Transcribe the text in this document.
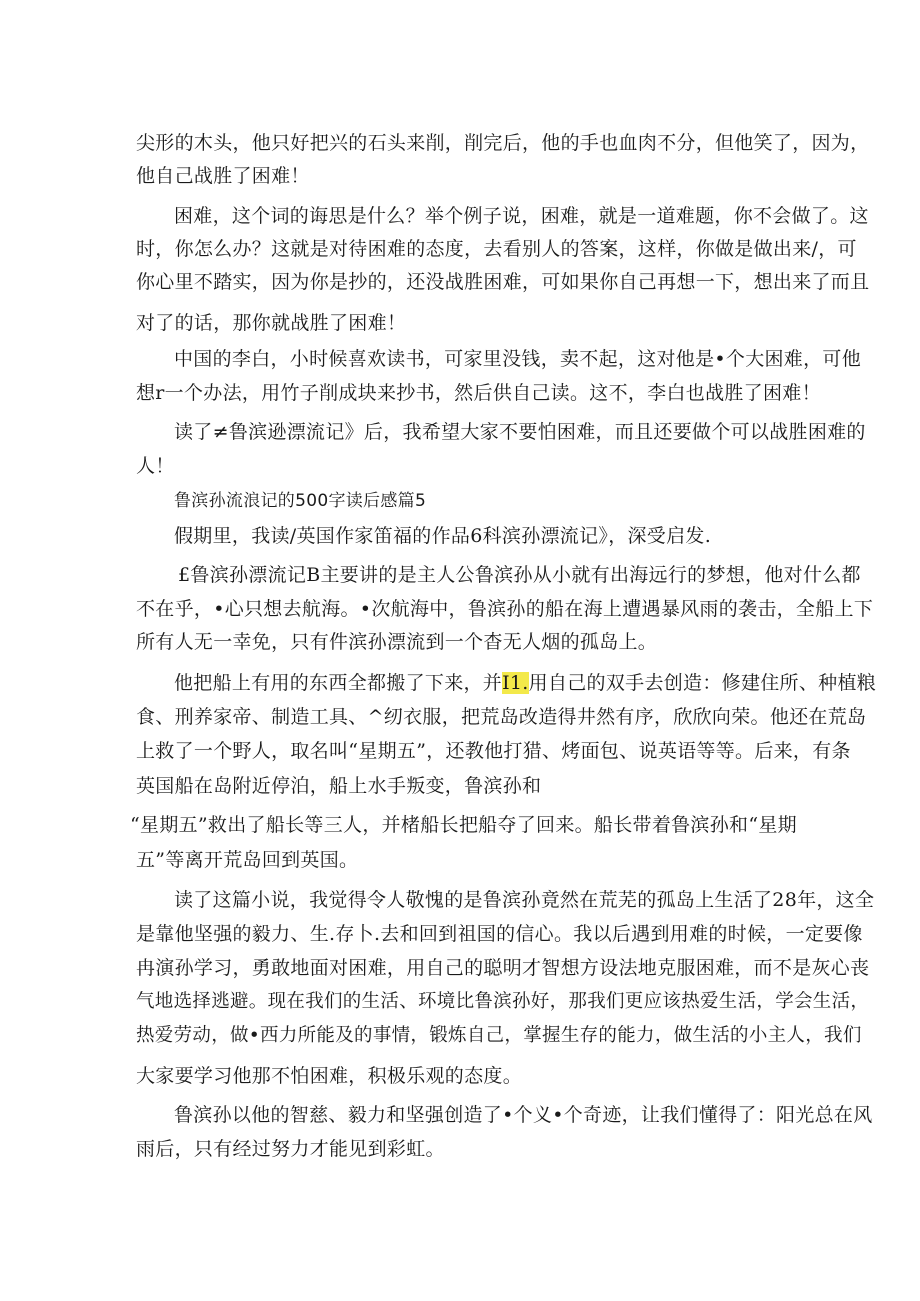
尖形的木头，他只好把兴的石头来削，削完后，他的手也血肉不分，但他笑了，因为，
他自己战胜了困难！
困难，这个词的诲思是什么？举个例子说，困难，就是一道难题，你不会做了。这
时，你怎么办？这就是对待困难的态度，去看别人的答案，这样，你做是做出来/，可
你心里不踏实，因为你是抄的，还没战胜困难，可如果你自己再想一下，想出来了而且
对了的话，那你就战胜了困难！
中国的李白，小时候喜欢读书，可家里没钱，卖不起，这对他是•个大困难，可他
想r一个办法，用竹子削成块来抄书，然后供自己读。这不，李白也战胜了困难！
读了≠鲁滨逊漂流记》后，我希望大家不要怕困难，而且还要做个可以战胜困难的
人！
鲁滨孙流浪记的500字读后感篇5
假期里，我读/英国作家笛福的作品6科滨孙漂流记》，深受启发.
£鲁滨孙漂流记B主要讲的是主人公鲁滨孙从小就有出海远行的梦想，他对什么都
不在乎，•心只想去航海。•次航海中，鲁滨孙的船在海上遭遇暴风雨的袭击，全船上下
所有人无一幸免，只有件滨孙漂流到一个杳无人烟的孤岛上。
他把船上有用的东西全都搬了下来，并I1.用自己的双手去创造：修建住所、种植粮
食、刑养家帝、制造工具、^纫衣服，把荒岛改造得井然有序，欣欣向荣。他还在荒岛
上救了一个野人，取名叫“星期五”，还教他打猎、烤面包、说英语等等。后来，有条
英国船在岛附近停泊，船上水手叛变，鲁滨孙和
“星期五”救出了船长等三人，并楮船长把船夺了回来。船长带着鲁滨孙和“星期
五”等离开荒岛回到英国。
读了这篇小说，我觉得令人敬愧的是鲁滨孙竟然在荒芜的孤岛上生活了28年，这全
是靠他坚强的毅力、生.存卜.去和回到祖国的信心。我以后遇到用难的时候，一定要像
冉演孙学习，勇敢地面对困难，用自己的聪明才智想方设法地克服困难，而不是灰心丧
气地选择逃避。现在我们的生活、环境比鲁滨孙好，那我们更应该热爱生活，学会生活，
热爱劳动，做•西力所能及的事情，锻炼自己，掌握生存的能力，做生活的小主人，我们
大家要学习他那不怕困难，积极乐观的态度。
鲁滨孙以他的智慈、毅力和坚强创造了•个义•个奇迹，让我们懂得了：阳光总在风
雨后，只有经过努力才能见到彩虹。
